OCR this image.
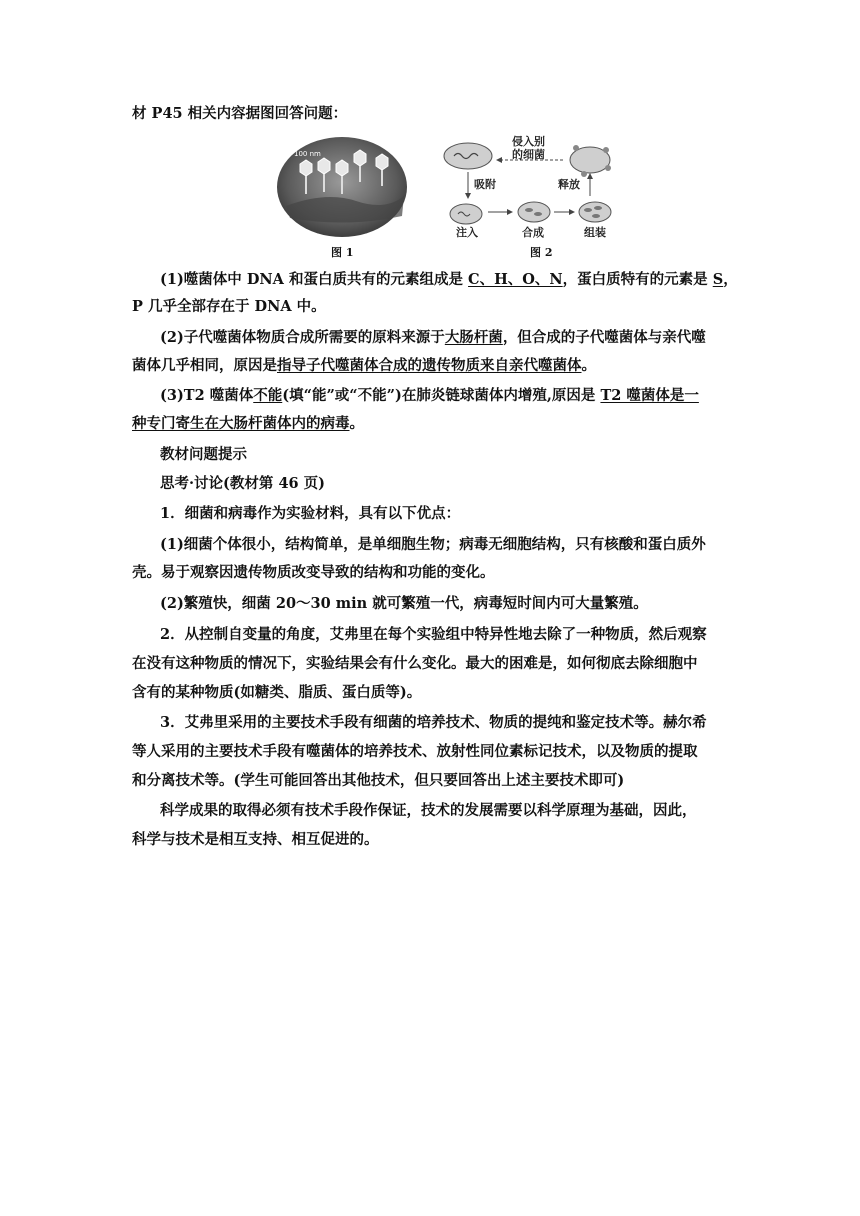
材 P45 相关内容据图回答问题：
100 nm
图 1
侵入别
的细菌
吸附	释放
注入	合成	组装
图 2
(1)噬菌体中 DNA 和蛋白质共有的元素组成是 C、H、O、N，蛋白质特有的元素是 S，
P 几乎全部存在于 DNA 中。
(2)子代噬菌体物质合成所需要的原料来源于大肠杆菌，但合成的子代噬菌体与亲代噬
菌体几乎相同，原因是指导子代噬菌体合成的遗传物质来自亲代噬菌体。
(3)T2 噬菌体不能(填“能”或“不能”)在肺炎链球菌体内增殖,原因是 T2 噬菌体是一
种专门寄生在大肠杆菌体内的病毒。
教材问题提示
思考·讨论(教材第 46 页)
1．细菌和病毒作为实验材料，具有以下优点：
(1)细菌个体很小，结构简单，是单细胞生物；病毒无细胞结构，只有核酸和蛋白质外
壳。易于观察因遗传物质改变导致的结构和功能的变化。
(2)繁殖快，细菌 20～30 min 就可繁殖一代，病毒短时间内可大量繁殖。
2．从控制自变量的角度，艾弗里在每个实验组中特异性地去除了一种物质，然后观察
在没有这种物质的情况下，实验结果会有什么变化。最大的困难是，如何彻底去除细胞中
含有的某种物质(如糖类、脂质、蛋白质等)。
3．艾弗里采用的主要技术手段有细菌的培养技术、物质的提纯和鉴定技术等。赫尔希
等人采用的主要技术手段有噬菌体的培养技术、放射性同位素标记技术，以及物质的提取
和分离技术等。(学生可能回答出其他技术，但只要回答出上述主要技术即可)
科学成果的取得必须有技术手段作保证，技术的发展需要以科学原理为基础，因此，
科学与技术是相互支持、相互促进的。
